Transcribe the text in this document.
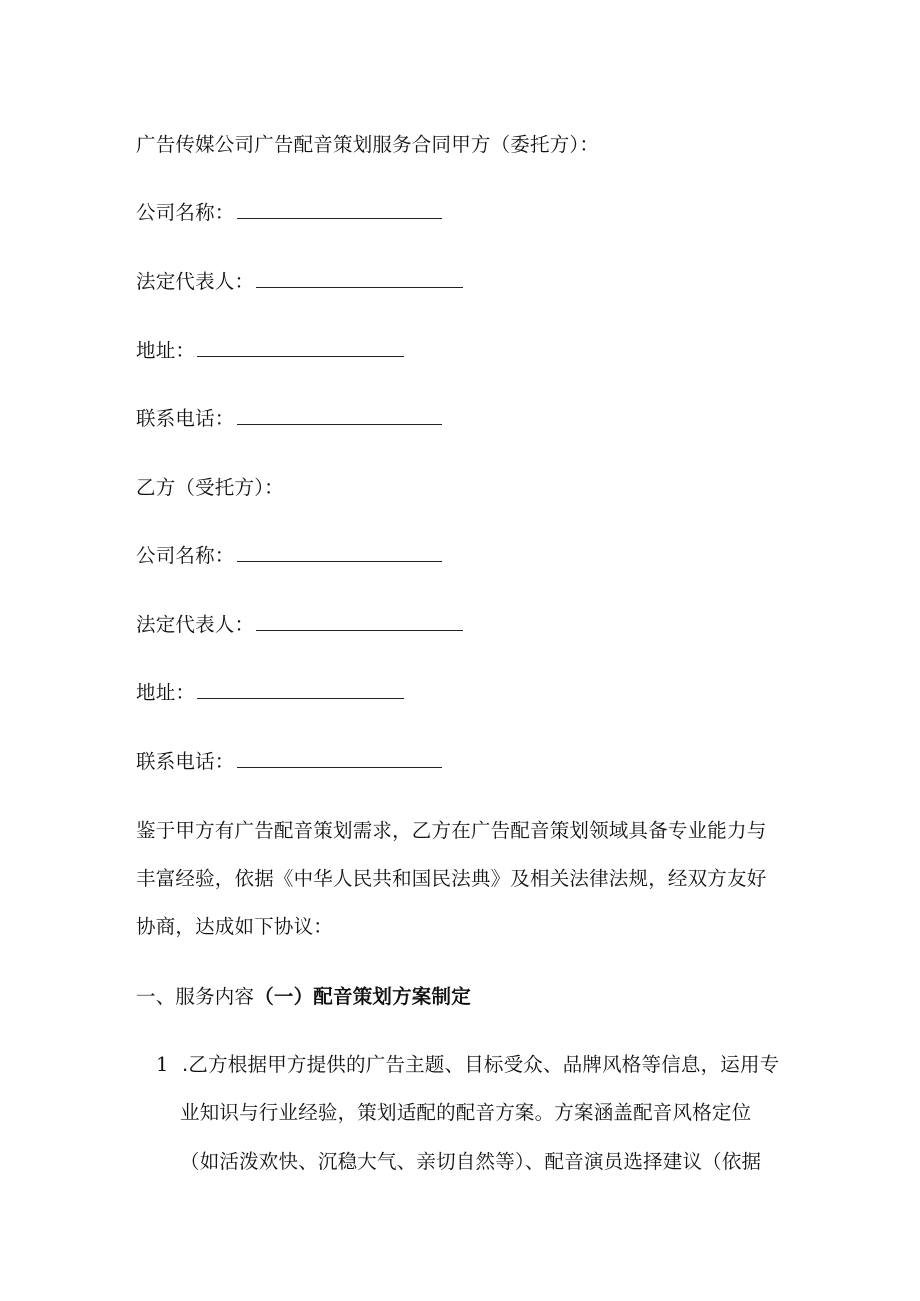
广告传媒公司广告配音策划服务合同甲方（委托方）：
公司名称：
法定代表人：
地址：
联系电话：
乙方（受托方）：
公司名称：
法定代表人：
地址：
联系电话：
鉴于甲方有广告配音策划需求，乙方在广告配音策划领域具备专业能力与
丰富经验，依据《中华人民共和国民法典》及相关法律法规，经双方友好
协商，达成如下协议：
一、服务内容（一）配音策划方案制定
1 .乙方根据甲方提供的广告主题、目标受众、品牌风格等信息，运用专
业知识与行业经验，策划适配的配音方案。方案涵盖配音风格定位
（如活泼欢快、沉稳大气、亲切自然等）、配音演员选择建议（依据
